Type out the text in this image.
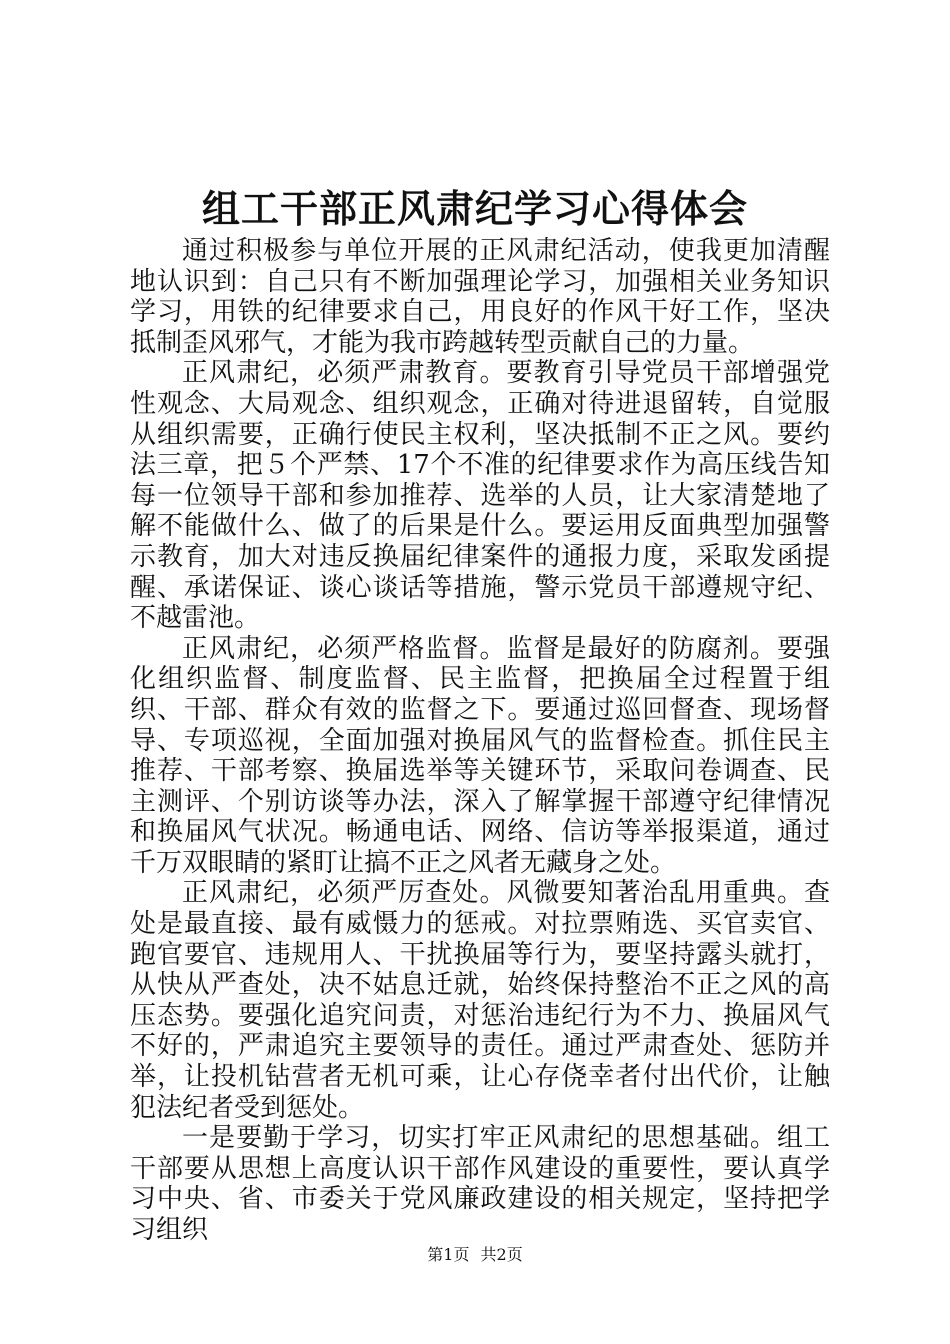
组工干部正风肃纪学习心得体会

通过积极参与单位开展的正风肃纪活动，使我更加清醒地认识到：自己只有不断加强理论学习，加强相关业务知识学习，用铁的纪律要求自己，用良好的作风干好工作，坚决抵制歪风邪气，才能为我市跨越转型贡献自己的力量。

正风肃纪，必须严肃教育。要教育引导党员干部增强党性观念、大局观念、组织观念，正确对待进退留转，自觉服从组织需要，正确行使民主权利，坚决抵制不正之风。要约法三章，把５个严禁、17个不准的纪律要求作为高压线告知每一位领导干部和参加推荐、选举的人员，让大家清楚地了解不能做什么、做了的后果是什么。要运用反面典型加强警示教育，加大对违反换届纪律案件的通报力度，采取发函提醒、承诺保证、谈心谈话等措施，警示党员干部遵规守纪、不越雷池。

正风肃纪，必须严格监督。监督是最好的防腐剂。要强化组织监督、制度监督、民主监督，把换届全过程置于组织、干部、群众有效的监督之下。要通过巡回督查、现场督导、专项巡视，全面加强对换届风气的监督检查。抓住民主推荐、干部考察、换届选举等关键环节，采取问卷调查、民主测评、个别访谈等办法，深入了解掌握干部遵守纪律情况和换届风气状况。畅通电话、网络、信访等举报渠道，通过千万双眼睛的紧盯让搞不正之风者无藏身之处。

正风肃纪，必须严厉查处。风微要知著治乱用重典。查处是最直接、最有威慑力的惩戒。对拉票贿选、买官卖官、跑官要官、违规用人、干扰换届等行为，要坚持露头就打，从快从严查处，决不姑息迁就，始终保持整治不正之风的高压态势。要强化追究问责，对惩治违纪行为不力、换届风气不好的，严肃追究主要领导的责任。通过严肃查处、惩防并举，让投机钻营者无机可乘，让心存侥幸者付出代价，让触犯法纪者受到惩处。

一是要勤于学习，切实打牢正风肃纪的思想基础。组工干部要从思想上高度认识干部作风建设的重要性，要认真学习中央、省、市委关于党风廉政建设的相关规定，坚持把学习组织

第1页 共2页
